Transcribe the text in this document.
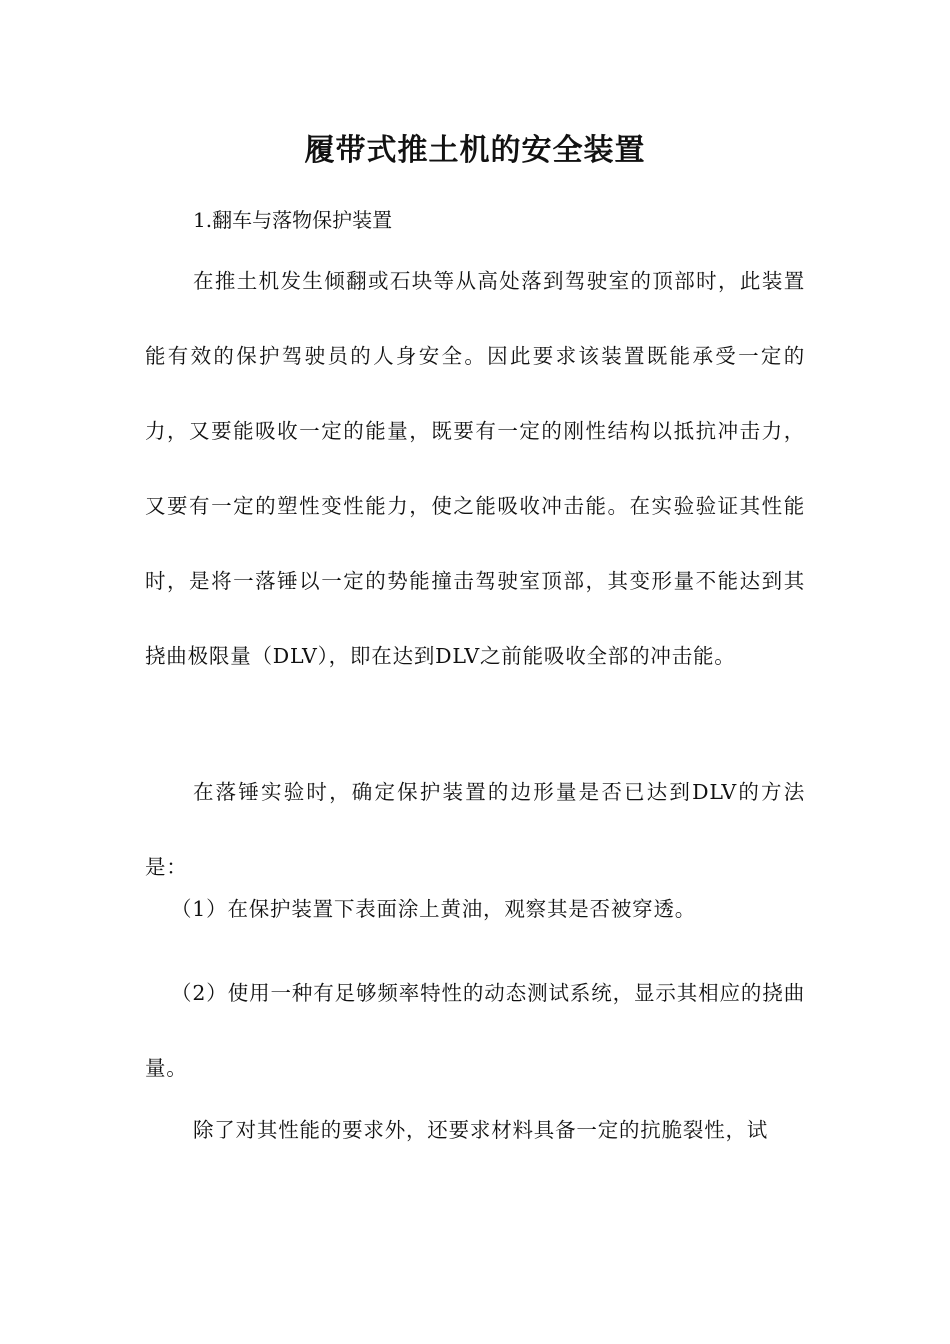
履带式推土机的安全装置

1.翻车与落物保护装置

在推土机发生倾翻或石块等从高处落到驾驶室的顶部时，此装置能有效的保护驾驶员的人身安全。因此要求该装置既能承受一定的力，又要能吸收一定的能量，既要有一定的刚性结构以抵抗冲击力，又要有一定的塑性变性能力，使之能吸收冲击能。在实验验证其性能时，是将一落锤以一定的势能撞击驾驶室顶部，其变形量不能达到其挠曲极限量（DLV），即在达到DLV之前能吸收全部的冲击能。

在落锤实验时，确定保护装置的边形量是否已达到DLV的方法是：

（1）在保护装置下表面涂上黄油，观察其是否被穿透。

（2）使用一种有足够频率特性的动态测试系统，显示其相应的挠曲量。

除了对其性能的要求外，还要求材料具备一定的抗脆裂性，试
